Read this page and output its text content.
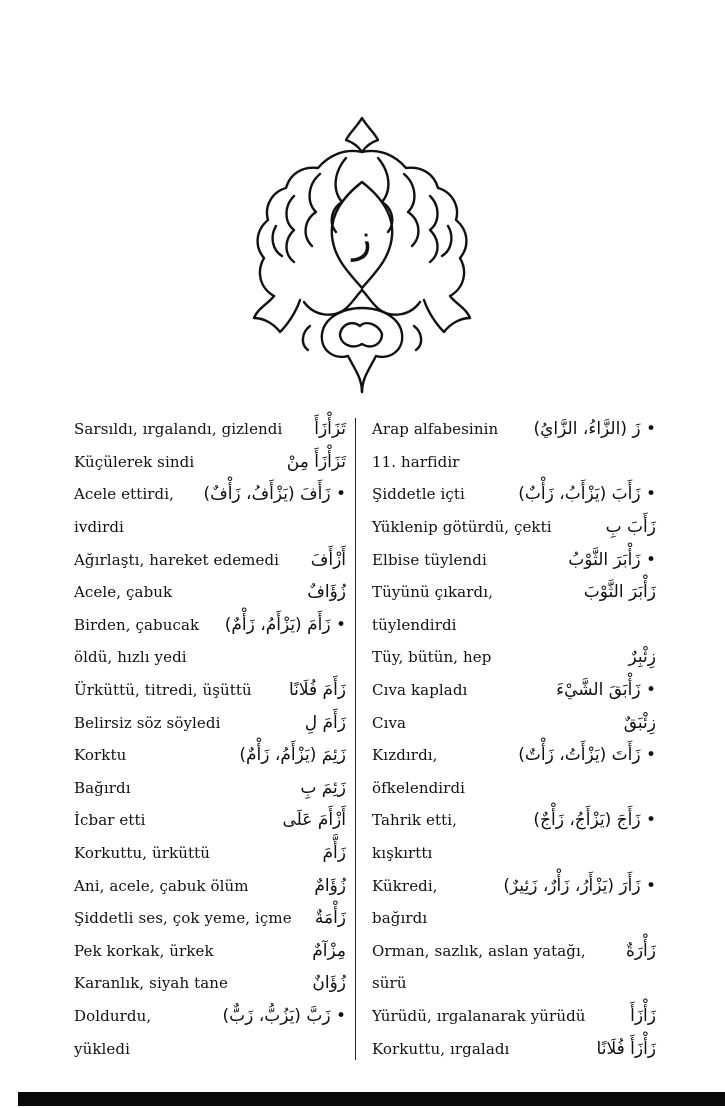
ز
Sarsıldı, ırgalandı, gizlendi تَزَأْزَأَ
Küçülerek sindi	تَزَأْزَأَ مِنْ
Acele ettirdi, • زَأَفَ (يَزْأَفُ، زَأْفٌ)
ivdirdi
Ağırlaştı, hareket edemedi أَزْأَفَ
Acele, çabuk	زُؤَافٌ
Birden, çabucak • زَأَمَ (يَزْأَمُ، زَأْمٌ)
öldü, hızlı yedi
Ürküttü, titredi, üşüttü زَأَمَ فُلَانًا
Belirsiz söz söyledi	زَأَمَ لِ
Korktu	زَئِمَ (يَزْأَمُ، زَأْمٌ)
Bağırdı	زَئِمَ بِ
İcbar etti	أَزْأَمَ عَلَى
Korkuttu, ürküttü	زَأَّمَ
Ani, acele, çabuk ölüm	زُؤَامٌ
Şiddetli ses, çok yeme, içme زَأْمَةٌ
Pek korkak, ürkek	مِزْآمٌ
Karanlık, siyah tane	زُؤَانٌ
Doldurdu,	• زَبَّ (يَزُبُّ، زَبٌّ)
yükledi
Arap alfabesinin • زَ (الزَّاءُ، الزَّايُ)
11. harfidir
Şiddetle içti	• زَأَبَ (يَزْأَبُ، زَأْبٌ)
Yüklenip götürdü, çekti	زَأَبَ بِ
Elbise tüylendi	• زَأْبَرَ الثَّوْبُ
Tüyünü çıkardı,	زَأْبَرَ الثَّوْبَ
tüylendirdi
Tüy, bütün, hep	زِئْبِرٌ
Cıva kapladı	• زَأْبَقَ الشَّيْءَ
Cıva	زِئْبَقٌ
Kızdırdı,	• زَأَتَ (يَزْأَتُ، زَأْتٌ)
öfkelendirdi
Tahrik etti,	• زَأَجَ (يَزْأَجُ، زَأْجٌ)
kışkırttı
Kükredi,	• زَأَرَ (يَزْأَرُ، زَأْرٌ، زَئِيرٌ)
bağırdı
Orman, sazlık, aslan yatağı, زَأْرَةٌ
sürü
Yürüdü, ırgalanarak yürüdü	زَأْزَأَ
Korkuttu, ırgaladı	زَأْزَأَ فُلَانًا
